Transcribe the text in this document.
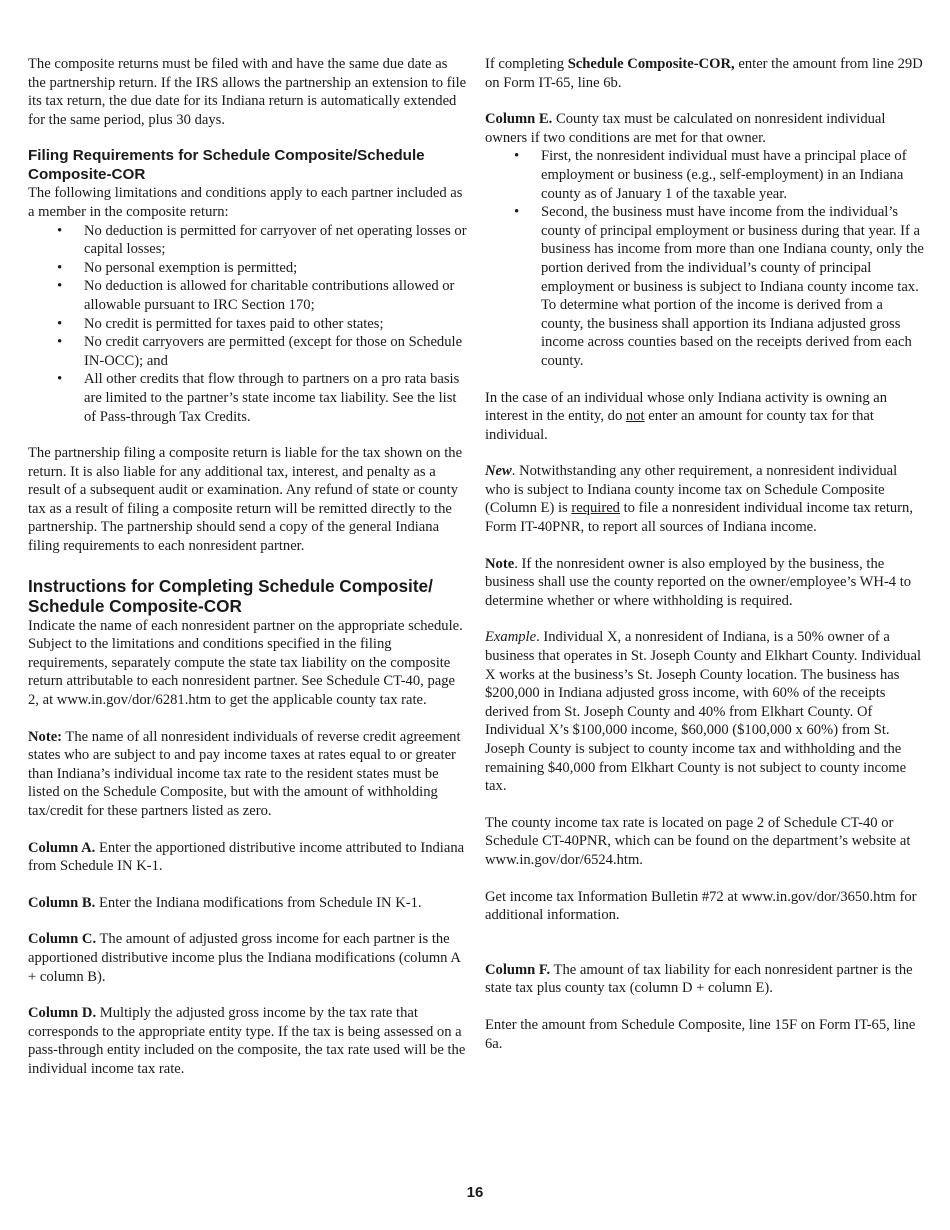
The composite returns must be filed with and have the same due date as the partnership return. If the IRS allows the partnership an extension to file its tax return, the due date for its Indiana return is automatically extended for the same period, plus 30 days.

Filing Requirements for Schedule Composite/Schedule Composite-COR

The following limitations and conditions apply to each partner included as a member in the composite return:

• No deduction is permitted for carryover of net operating losses or capital losses;
• No personal exemption is permitted;
• No deduction is allowed for charitable contributions allowed or allowable pursuant to IRC Section 170;
• No credit is permitted for taxes paid to other states;
• No credit carryovers are permitted (except for those on Schedule IN-OCC); and
• All other credits that flow through to partners on a pro rata basis are limited to the partner’s state income tax liability. See the list of Pass-through Tax Credits.

The partnership filing a composite return is liable for the tax shown on the return. It is also liable for any additional tax, interest, and penalty as a result of a subsequent audit or examination. Any refund of state or county tax as a result of filing a composite return will be remitted directly to the partnership. The partnership should send a copy of the general Indiana filing requirements to each nonresident partner.

Instructions for Completing Schedule Composite/ Schedule Composite-COR

Indicate the name of each nonresident partner on the appropriate schedule. Subject to the limitations and conditions specified in the filing requirements, separately compute the state tax liability on the composite return attributable to each nonresident partner. See Schedule CT-40, page 2, at www.in.gov/dor/6281.htm to get the applicable county tax rate.

Note: The name of all nonresident individuals of reverse credit agreement states who are subject to and pay income taxes at rates equal to or greater than Indiana’s individual income tax rate to the resident states must be listed on the Schedule Composite, but with the amount of withholding tax/credit for these partners listed as zero.

Column A. Enter the apportioned distributive income attributed to Indiana from Schedule IN K-1.

Column B. Enter the Indiana modifications from Schedule IN K-1.

Column C. The amount of adjusted gross income for each partner is the apportioned distributive income plus the Indiana modifications (column A + column B).

Column D. Multiply the adjusted gross income by the tax rate that corresponds to the appropriate entity type. If the tax is being assessed on a pass-through entity included on the composite, the tax rate used will be the individual income tax rate.

If completing Schedule Composite-COR, enter the amount from line 29D on Form IT-65, line 6b.

Column E. County tax must be calculated on nonresident individual owners if two conditions are met for that owner.

• First, the nonresident individual must have a principal place of employment or business (e.g., self-employment) in an Indiana county as of January 1 of the taxable year.
• Second, the business must have income from the individual’s county of principal employment or business during that year. If a business has income from more than one Indiana county, only the portion derived from the individual’s county of principal employment or business is subject to Indiana county income tax. To determine what portion of the income is derived from a county, the business shall apportion its Indiana adjusted gross income across counties based on the receipts derived from each county.

In the case of an individual whose only Indiana activity is owning an interest in the entity, do not enter an amount for county tax for that individual.

New. Notwithstanding any other requirement, a nonresident individual who is subject to Indiana county income tax on Schedule Composite (Column E) is required to file a nonresident individual income tax return, Form IT-40PNR, to report all sources of Indiana income.

Note. If the nonresident owner is also employed by the business, the business shall use the county reported on the owner/employee’s WH-4 to determine whether or where withholding is required.

Example. Individual X, a nonresident of Indiana, is a 50% owner of a business that operates in St. Joseph County and Elkhart County. Individual X works at the business’s St. Joseph County location. The business has $200,000 in Indiana adjusted gross income, with 60% of the receipts derived from St. Joseph County and 40% from Elkhart County. Of Individual X’s $100,000 income, $60,000 ($100,000 x 60%) from St. Joseph County is subject to county income tax and withholding and the remaining $40,000 from Elkhart County is not subject to county income tax.

The county income tax rate is located on page 2 of Schedule CT-40 or Schedule CT-40PNR, which can be found on the department’s website at www.in.gov/dor/6524.htm.

Get income tax Information Bulletin #72 at www.in.gov/dor/3650.htm for additional information.

Column F. The amount of tax liability for each nonresident partner is the state tax plus county tax (column D + column E).

Enter the amount from Schedule Composite, line 15F on Form IT-65, line 6a.

16
